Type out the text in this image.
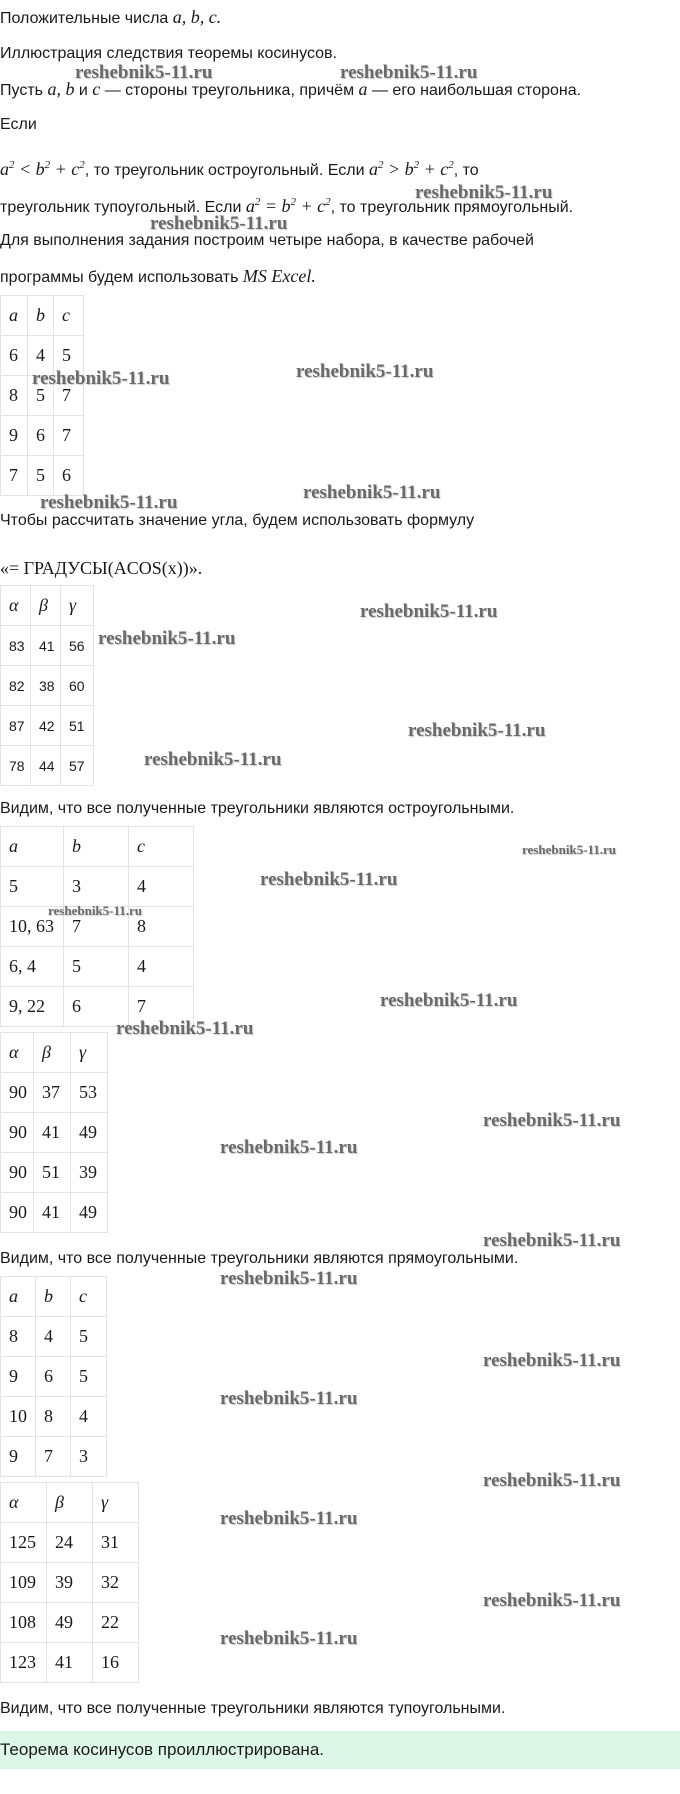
Положительные числа a, b, c.
Иллюстрация следствия теоремы косинусов.
Пусть a, b и c — стороны треугольника, причём a — его наибольшая сторона.
Если
$a^2 < b^2 + c^2$, то треугольник остроугольный. Если $a^2 > b^2 + c^2$, то
треугольник тупоугольный. Если $a^2 = b^2 + c^2$, то треугольник прямоугольный.
Для выполнения задания построим четыре набора, в качестве рабочей
программы будем использовать MS Excel.
a	b	c
6	4	5
8	5	7
9	6	7
7	5	6
Чтобы рассчитать значение угла, будем использовать формулу
«= ГРАДУСЫ(ACOS(x))».
α	β	γ
83	41	56
82	38	60
87	42	51
78	44	57
Видим, что все полученные треугольники являются остроугольными.
a	b	c
5	3	4
10, 63	7	8
6, 4	5	4
9, 22	6	7
α	β	γ
90	37	53
90	41	49
90	51	39
90	41	49
Видим, что все полученные треугольники являются прямоугольными.
a	b	c
8	4	5
9	6	5
10	8	4
9	7	3
α	β	γ
125	24	31
109	39	32
108	49	22
123	41	16
Видим, что все полученные треугольники являются тупоугольными.
Теорема косинусов проиллюстрирована.
reshebnik5-11.ru	reshebnik5-11.ru
reshebnik5-11.ru
reshebnik5-11.ru
reshebnik5-11.ru	reshebnik5-11.ru
reshebnik5-11.ru	reshebnik5-11.ru
reshebnik5-11.ru
reshebnik5-11.ru
reshebnik5-11.ru
reshebnik5-11.ru
reshebnik5-11.ru
reshebnik5-11.ru
reshebnik5-11.ru
reshebnik5-11.ru
reshebnik5-11.ru
reshebnik5-11.ru
reshebnik5-11.ru
reshebnik5-11.ru
reshebnik5-11.ru
reshebnik5-11.ru
reshebnik5-11.ru
reshebnik5-11.ru
reshebnik5-11.ru
reshebnik5-11.ru
reshebnik5-11.ru
